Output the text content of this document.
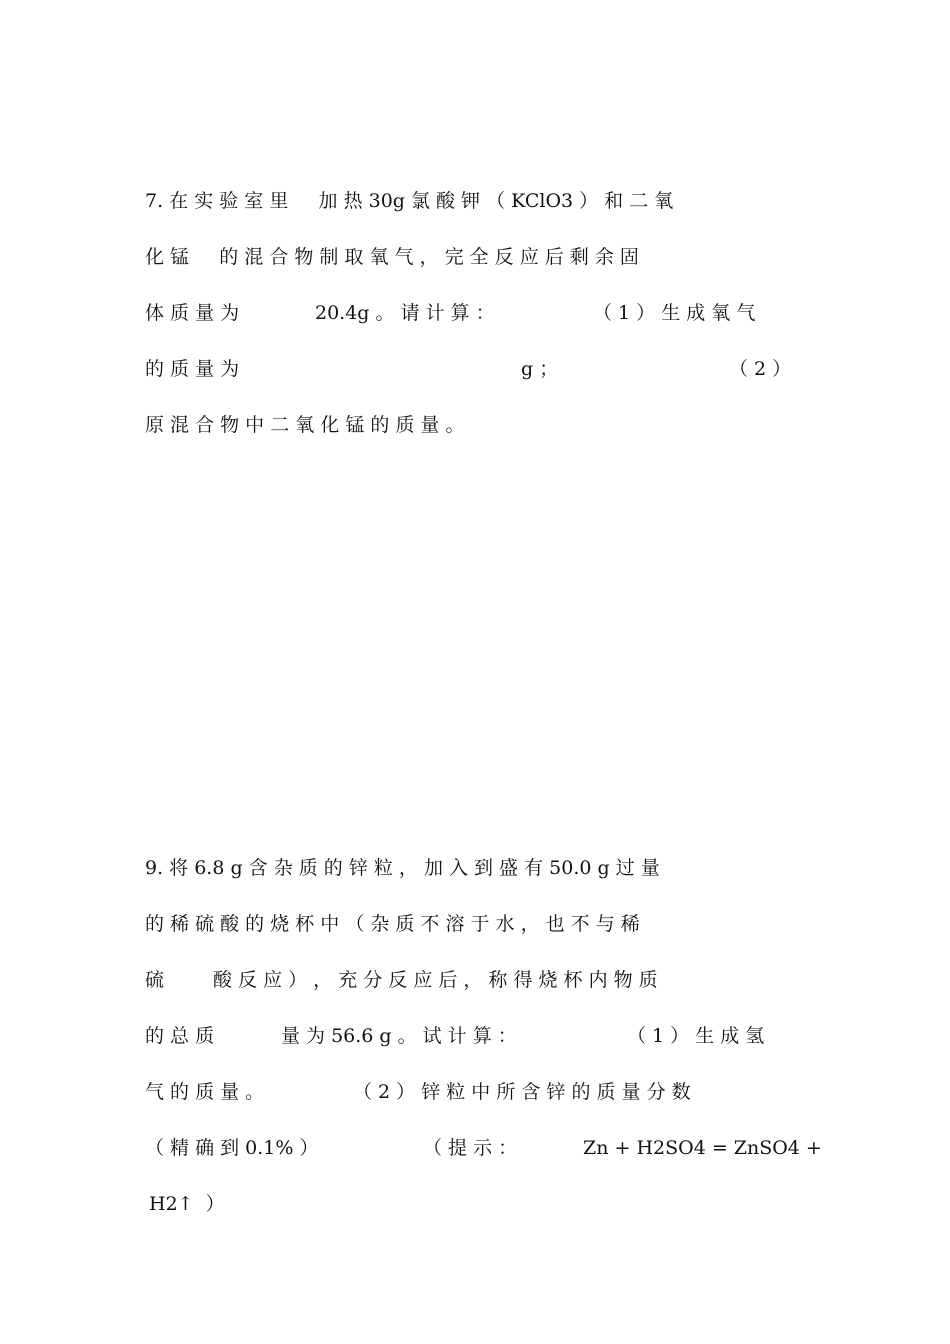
7. 在 实 验 室 里     加 热 30g 氯 酸 钾 （ KClO3 ） 和 二 氧
化 锰     的 混 合 物 制 取 氧 气 ， 完 全 反 应 后 剩 余 固
体 质 量 为	20.4g 。 请 计 算 ：	（ 1 ） 生 成 氧 气
的 质 量 为	g ；	（ 2 ）
原 混 合 物 中 二 氧 化 锰 的 质 量 。
9. 将 6.8 g 含 杂 质 的 锌 粒 ， 加 入 到 盛 有 50.0 g 过 量
的 稀 硫 酸 的 烧 杯 中 （ 杂 质 不 溶 于 水 ， 也 不 与 稀
硫	酸 反 应 ） ， 充 分 反 应 后 ， 称 得 烧 杯 内 物 质
的 总 质	量 为 56.6 g 。 试 计 算 ：	（ 1 ） 生 成 氢
气 的 质 量 。	（ 2 ） 锌 粒 中 所 含 锌 的 质 量 分 数
（ 精 确 到 0.1% ）	（ 提 示 ：	Zn + H2SO4 = ZnSO4 +
H2↑  ）
